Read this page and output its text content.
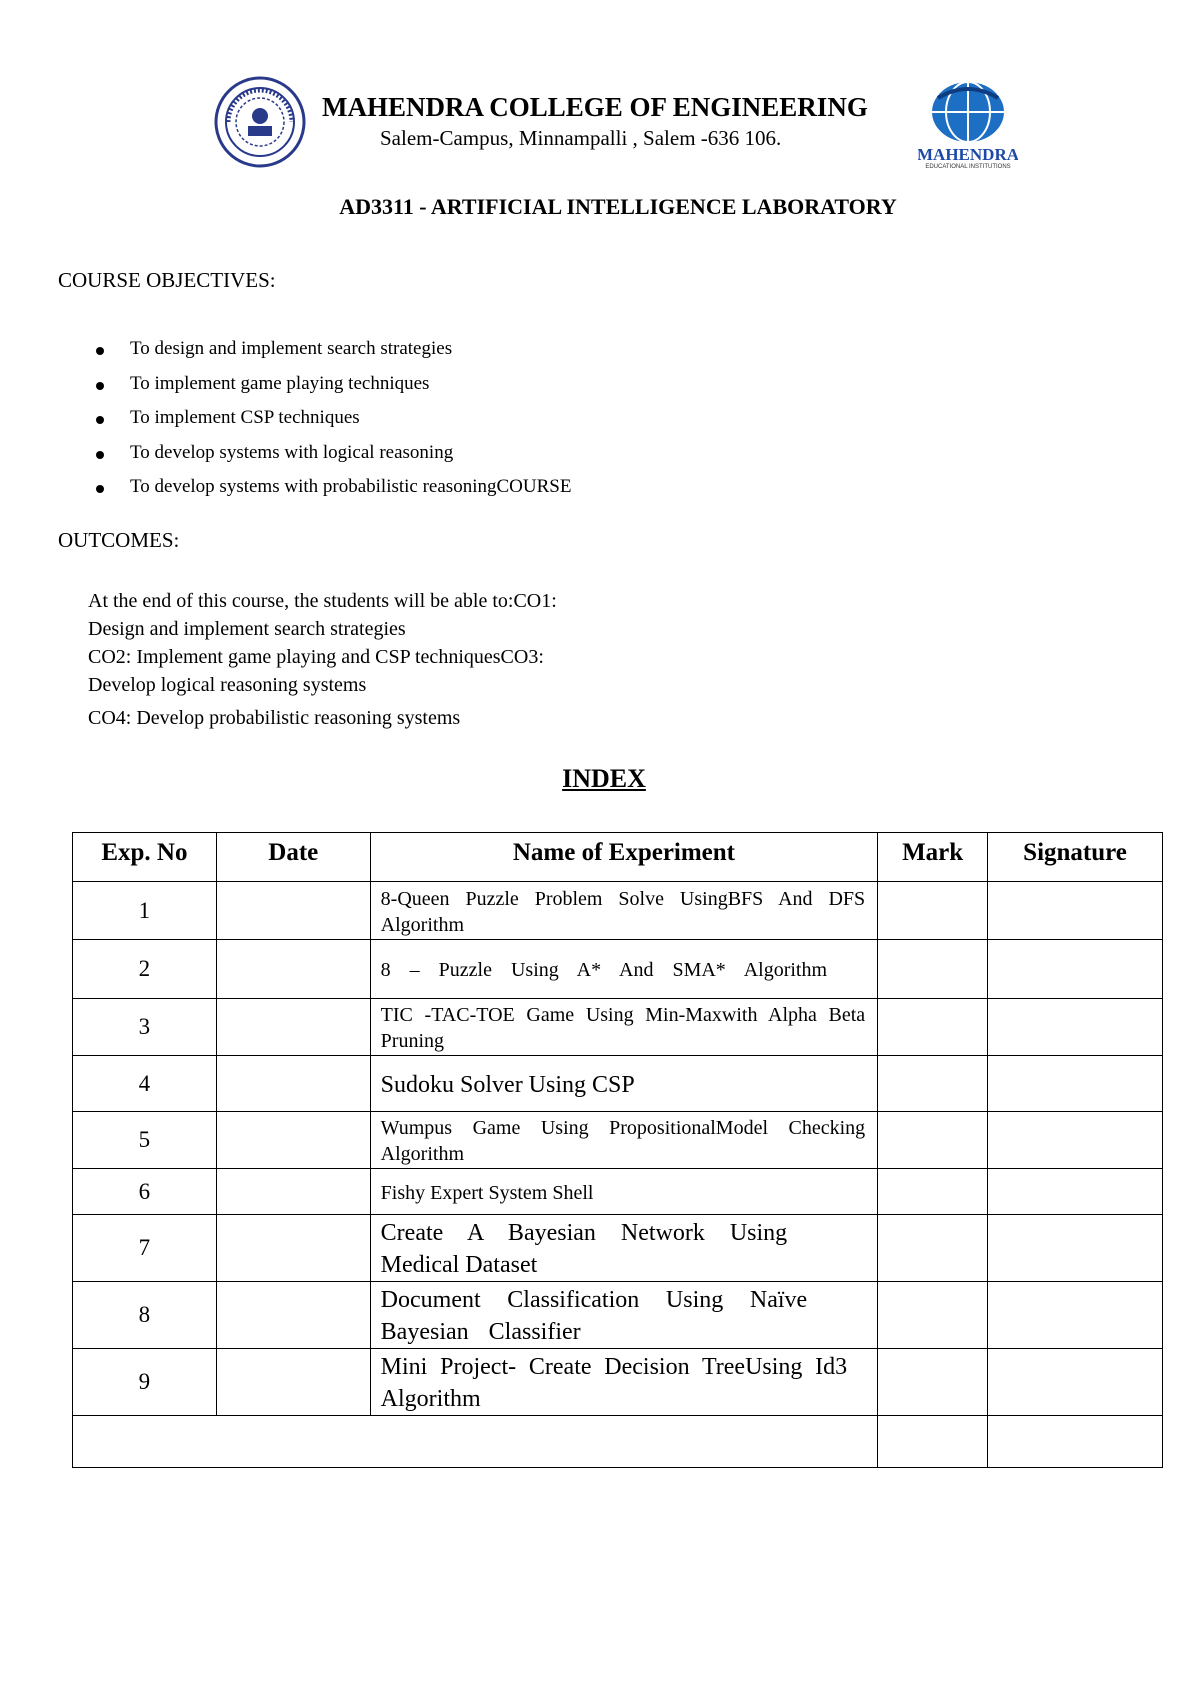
MAHENDRA COLLEGE OF ENGINEERING
Salem-Campus, Minnampalli , Salem -636 106.
MAHENDRA
EDUCATIONAL INSTITUTIONS
AD3311 - ARTIFICIAL INTELLIGENCE LABORATORY
COURSE OBJECTIVES:
To design and implement search strategies
To implement game playing techniques
To implement CSP techniques
To develop systems with logical reasoning
To develop systems with probabilistic reasoningCOURSE
OUTCOMES:
At the end of this course, the students will be able to:CO1:
Design and implement search strategies
CO2: Implement game playing and CSP techniquesCO3:
Develop logical reasoning systems
CO4: Develop probabilistic reasoning systems
INDEX
Exp. No	Date	Name of Experiment	Mark	Signature
1		8-Queen Puzzle Problem Solve UsingBFS And DFS Algorithm		
2		8 – Puzzle Using A* And SMA* Algorithm		
3		TIC -TAC-TOE Game Using Min-Maxwith Alpha Beta Pruning		
4		Sudoku Solver Using CSP		
5		Wumpus Game Using PropositionalModel Checking Algorithm		
6		Fishy Expert System Shell		
7		Create A Bayesian Network Using Medical Dataset		
8		Document Classification Using Naïve Bayesian Classifier		
9		Mini Project- Create Decision TreeUsing Id3 Algorithm		
